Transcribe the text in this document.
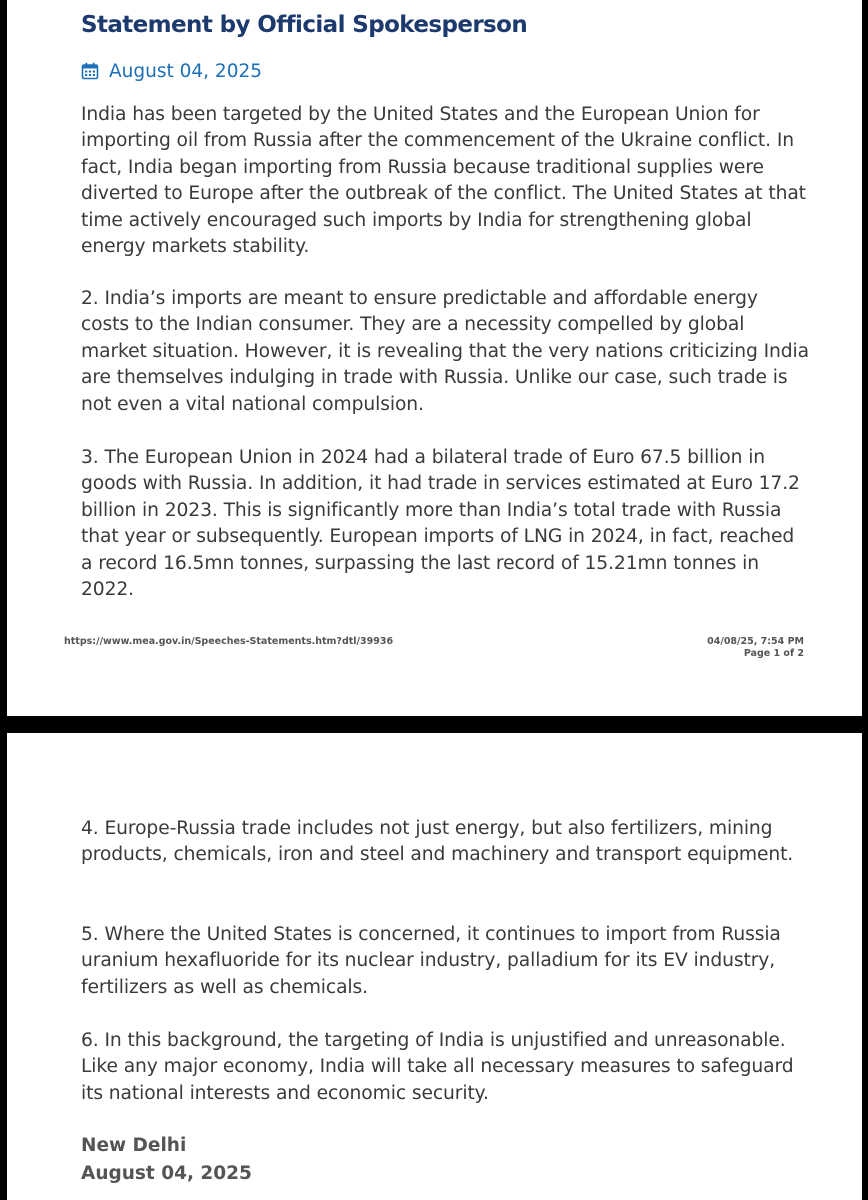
Statement by Official Spokesperson
August 04, 2025

India has been targeted by the United States and the European Union for importing oil from Russia after the commencement of the Ukraine conflict. In fact, India began importing from Russia because traditional supplies were diverted to Europe after the outbreak of the conflict. The United States at that time actively encouraged such imports by India for strengthening global energy markets stability.

2. India’s imports are meant to ensure predictable and affordable energy costs to the Indian consumer. They are a necessity compelled by global market situation. However, it is revealing that the very nations criticizing India are themselves indulging in trade with Russia. Unlike our case, such trade is not even a vital national compulsion.

3. The European Union in 2024 had a bilateral trade of Euro 67.5 billion in goods with Russia. In addition, it had trade in services estimated at Euro 17.2 billion in 2023. This is significantly more than India’s total trade with Russia that year or subsequently. European imports of LNG in 2024, in fact, reached a record 16.5mn tonnes, surpassing the last record of 15.21mn tonnes in 2022.

https://www.mea.gov.in/Speeches-Statements.htm?dtl/39936	04/08/25, 7:54 PM
Page 1 of 2

4. Europe-Russia trade includes not just energy, but also fertilizers, mining products, chemicals, iron and steel and machinery and transport equipment.

5. Where the United States is concerned, it continues to import from Russia uranium hexafluoride for its nuclear industry, palladium for its EV industry, fertilizers as well as chemicals.

6. In this background, the targeting of India is unjustified and unreasonable. Like any major economy, India will take all necessary measures to safeguard its national interests and economic security.

New Delhi
August 04, 2025
